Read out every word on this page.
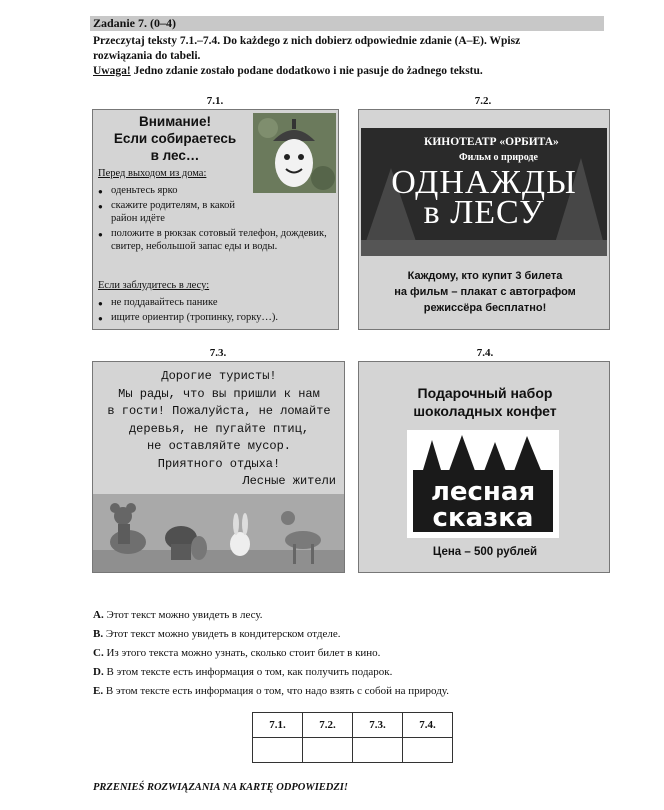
Zadanie 7. (0–4)
Przeczytaj teksty 7.1.–7.4. Do każdego z nich dobierz odpowiednie zdanie (A–E). Wpisz
rozwiązania do tabeli.
Uwaga! Jedno zdanie zostało podane dodatkowo i nie pasuje do żadnego tekstu.
7.1.	7.2.
7.3.	7.4.
Внимание!
Если собираетесь
в лес…
Перед выходом из дома:
● оденьтесь ярко
● скажите родителям, в какой район идёте
● положите в рюкзак сотовый телефон, дождевик, свитер, небольшой запас еды и воды.
Если заблудитесь в лесу:
● не поддавайтесь панике
● ищите ориентир (тропинку, горку…).
КИНОТЕАТР «ОРБИТА»
Фильм о природе
ОДНАЖДЫ
в ЛЕСУ
Каждому, кто купит 3 билета
на фильм – плакат с автографом
режиссёра бесплатно!
Дорогие туристы!
Мы рады, что вы пришли к нам
в гости! Пожалуйста, не ломайте
деревья, не пугайте птиц,
не оставляйте мусор.
Приятного отдыха!
Лесные жители
Подарочный набор
шоколадных конфет
лесная
сказка
Цена – 500 рублей
A. Этот текст можно увидеть в лесу.
B. Этот текст можно увидеть в кондитерском отделе.
C. Из этого текста можно узнать, сколько стоит билет в кино.
D. В этом тексте есть информация о том, как получить подарок.
E. В этом тексте есть информация о том, что надо взять с собой на природу.
7.1.	7.2.	7.3.	7.4.

PRZENIEŚ ROZWIĄZANIA NA KARTĘ ODPOWIEDZI!
